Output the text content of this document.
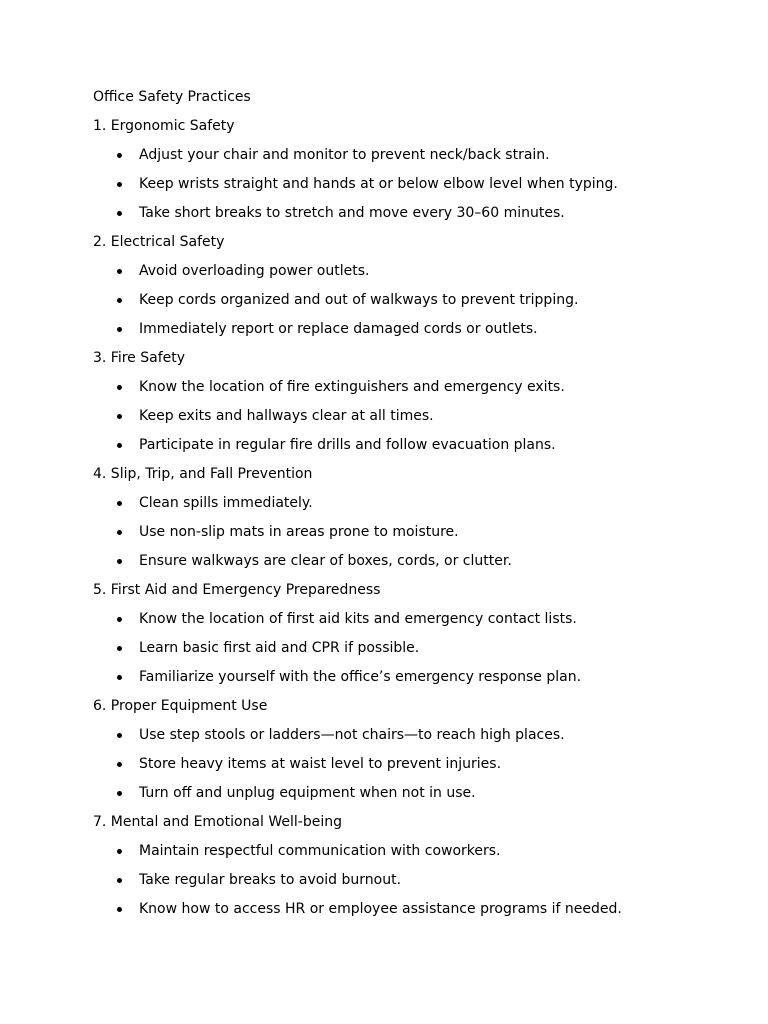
Office Safety Practices
1. Ergonomic Safety
Adjust your chair and monitor to prevent neck/back strain.
Keep wrists straight and hands at or below elbow level when typing.
Take short breaks to stretch and move every 30–60 minutes.
2. Electrical Safety
Avoid overloading power outlets.
Keep cords organized and out of walkways to prevent tripping.
Immediately report or replace damaged cords or outlets.
3. Fire Safety
Know the location of fire extinguishers and emergency exits.
Keep exits and hallways clear at all times.
Participate in regular fire drills and follow evacuation plans.
4. Slip, Trip, and Fall Prevention
Clean spills immediately.
Use non-slip mats in areas prone to moisture.
Ensure walkways are clear of boxes, cords, or clutter.
5. First Aid and Emergency Preparedness
Know the location of first aid kits and emergency contact lists.
Learn basic first aid and CPR if possible.
Familiarize yourself with the office’s emergency response plan.
6. Proper Equipment Use
Use step stools or ladders—not chairs—to reach high places.
Store heavy items at waist level to prevent injuries.
Turn off and unplug equipment when not in use.
7. Mental and Emotional Well-being
Maintain respectful communication with coworkers.
Take regular breaks to avoid burnout.
Know how to access HR or employee assistance programs if needed.
